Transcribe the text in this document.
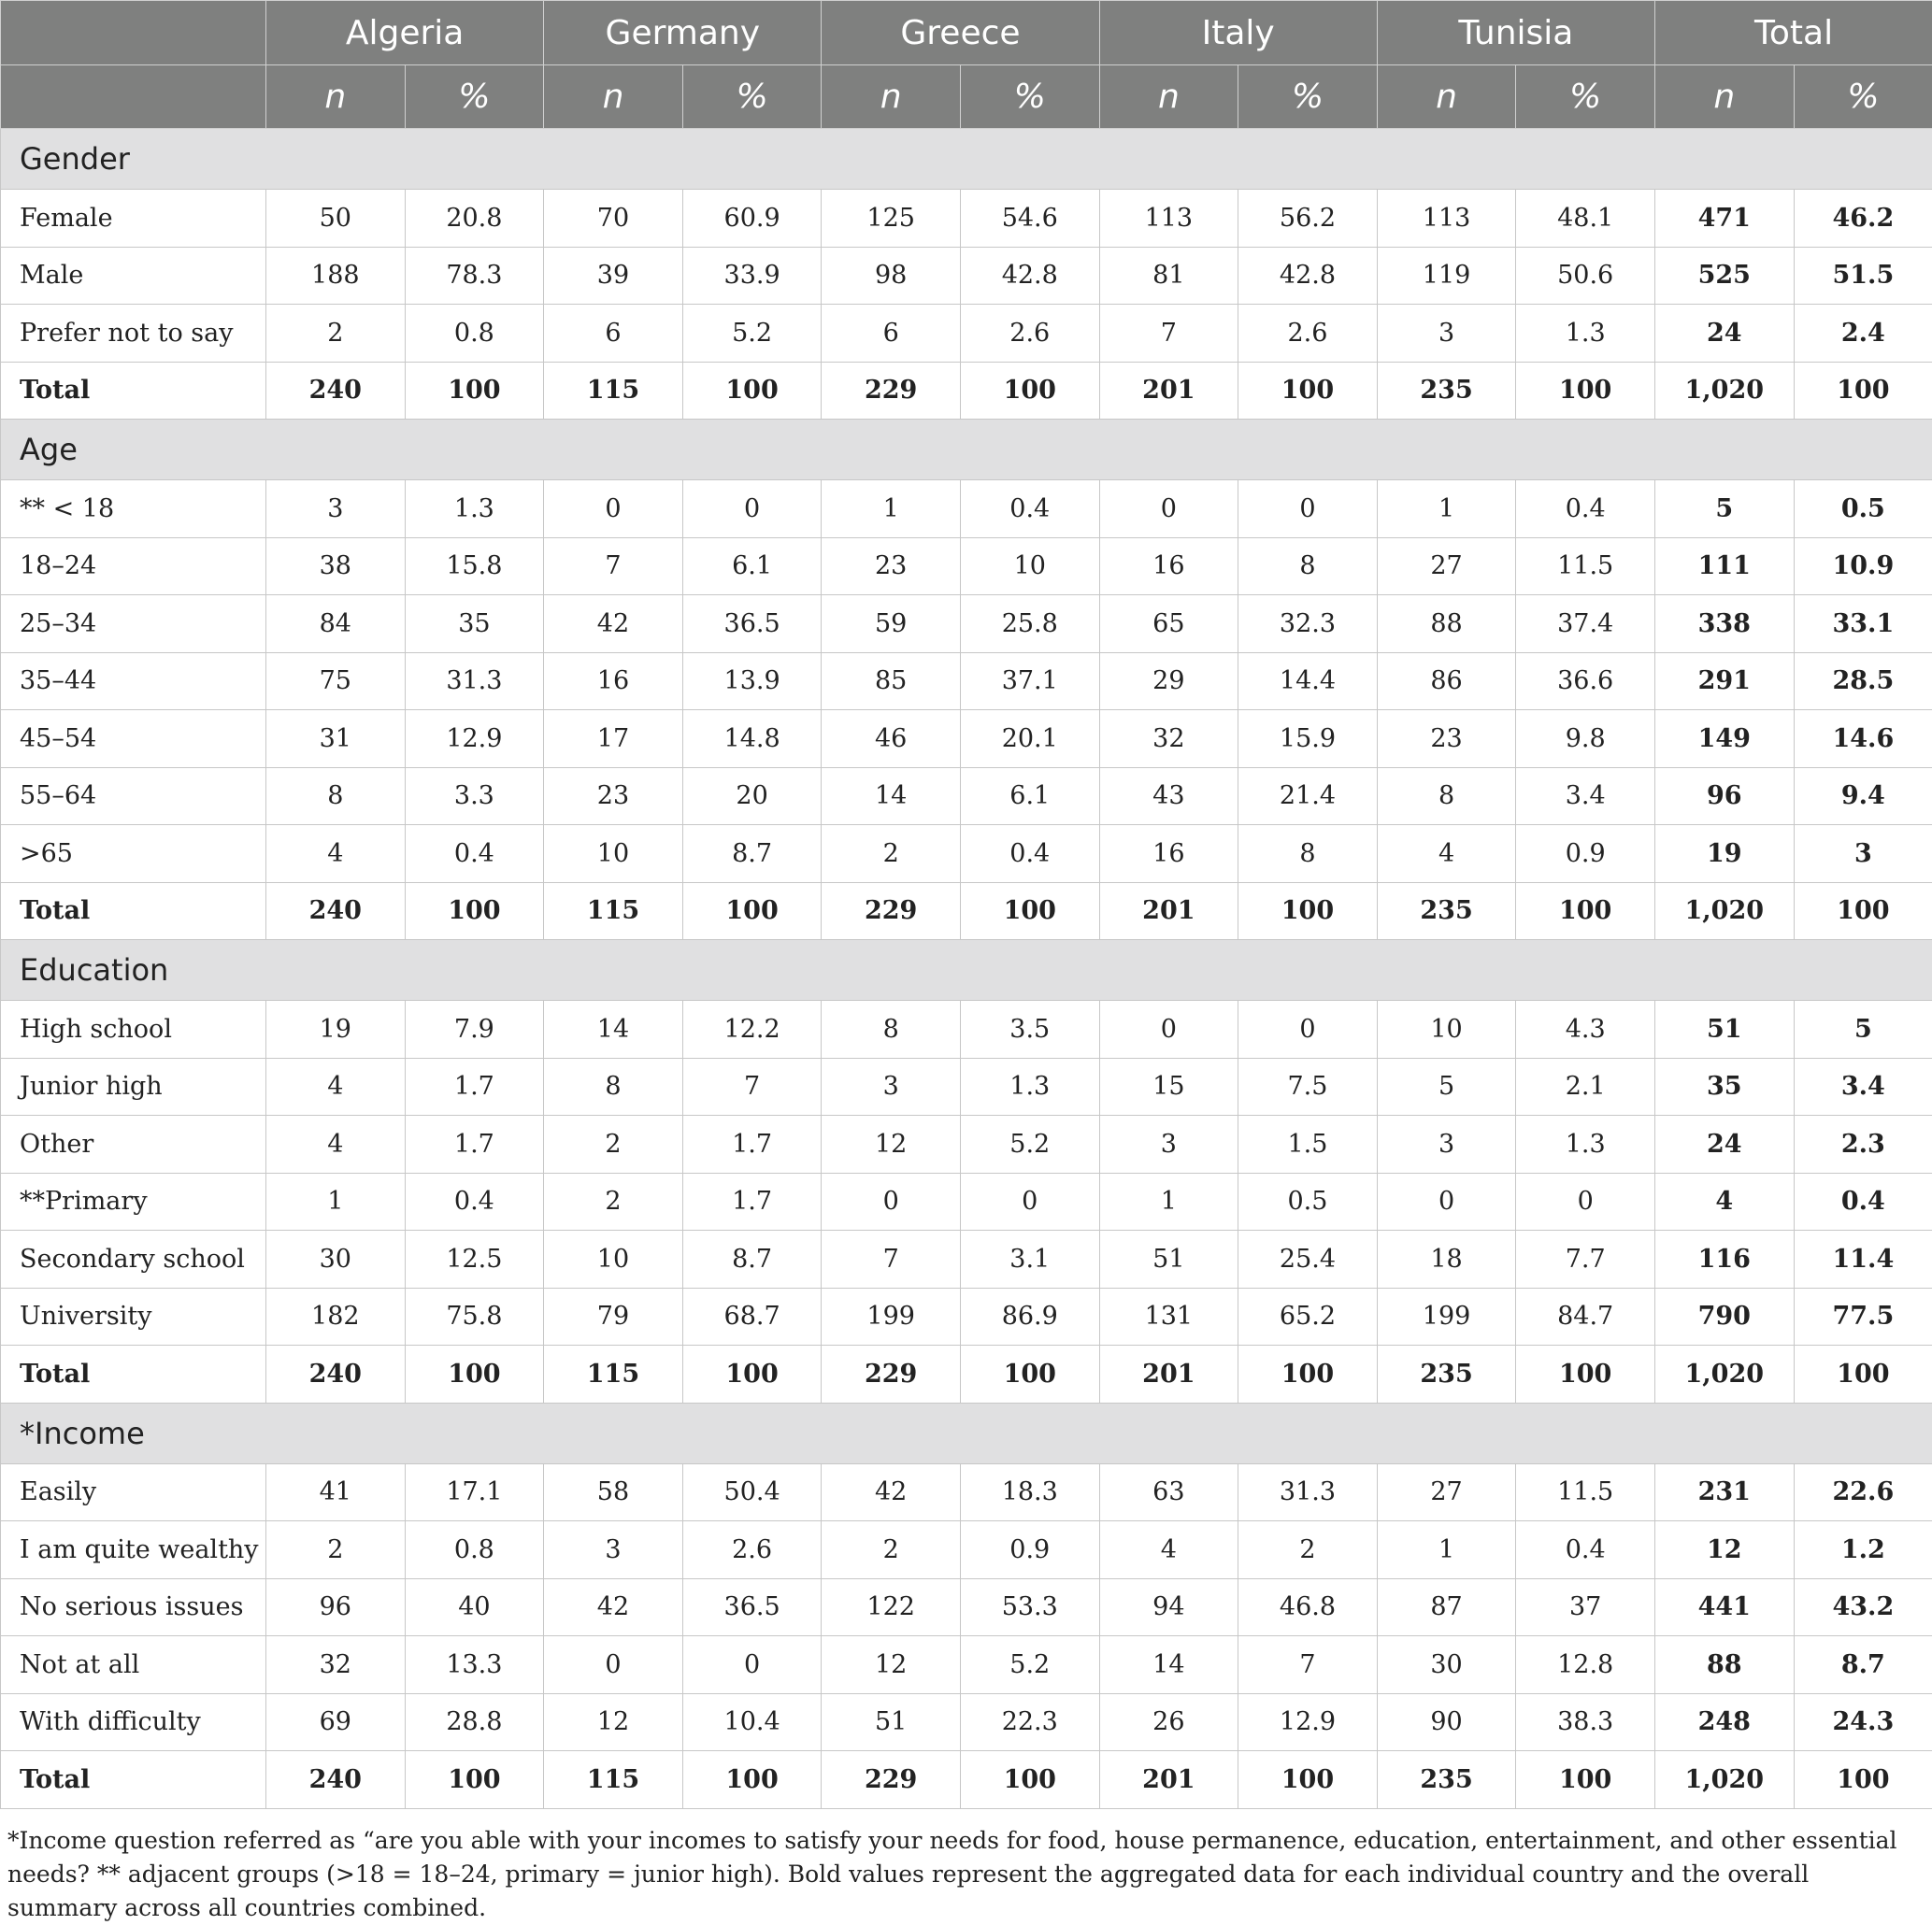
	Algeria		Germany		Greece		Italy		Tunisia		Total	
	n	%	n	%	n	%	n	%	n	%	n	%
Gender												
Female	50	20.8	70	60.9	125	54.6	113	56.2	113	48.1	471	46.2
Male	188	78.3	39	33.9	98	42.8	81	42.8	119	50.6	525	51.5
Prefer not to say	2	0.8	6	5.2	6	2.6	7	2.6	3	1.3	24	2.4
Total	240	100	115	100	229	100	201	100	235	100	1,020	100
Age												
** < 18	3	1.3	0	0	1	0.4	0	0	1	0.4	5	0.5
18–24	38	15.8	7	6.1	23	10	16	8	27	11.5	111	10.9
25–34	84	35	42	36.5	59	25.8	65	32.3	88	37.4	338	33.1
35–44	75	31.3	16	13.9	85	37.1	29	14.4	86	36.6	291	28.5
45–54	31	12.9	17	14.8	46	20.1	32	15.9	23	9.8	149	14.6
55–64	8	3.3	23	20	14	6.1	43	21.4	8	3.4	96	9.4
>65	4	0.4	10	8.7	2	0.4	16	8	4	0.9	19	3
Total	240	100	115	100	229	100	201	100	235	100	1,020	100
Education												
High school	19	7.9	14	12.2	8	3.5	0	0	10	4.3	51	5
Junior high	4	1.7	8	7	3	1.3	15	7.5	5	2.1	35	3.4
Other	4	1.7	2	1.7	12	5.2	3	1.5	3	1.3	24	2.3
**Primary	1	0.4	2	1.7	0	0	1	0.5	0	0	4	0.4
Secondary school	30	12.5	10	8.7	7	3.1	51	25.4	18	7.7	116	11.4
University	182	75.8	79	68.7	199	86.9	131	65.2	199	84.7	790	77.5
Total	240	100	115	100	229	100	201	100	235	100	1,020	100
*Income												
Easily	41	17.1	58	50.4	42	18.3	63	31.3	27	11.5	231	22.6
I am quite wealthy	2	0.8	3	2.6	2	0.9	4	2	1	0.4	12	1.2
No serious issues	96	40	42	36.5	122	53.3	94	46.8	87	37	441	43.2
Not at all	32	13.3	0	0	12	5.2	14	7	30	12.8	88	8.7
With difficulty	69	28.8	12	10.4	51	22.3	26	12.9	90	38.3	248	24.3
Total	240	100	115	100	229	100	201	100	235	100	1,020	100
*Income question referred as “are you able with your incomes to satisfy your needs for food, house permanence, education, entertainment, and other essential needs? ** adjacent groups (>18 = 18–24, primary = junior high). Bold values represent the aggregated data for each individual country and the overall summary across all countries combined.
